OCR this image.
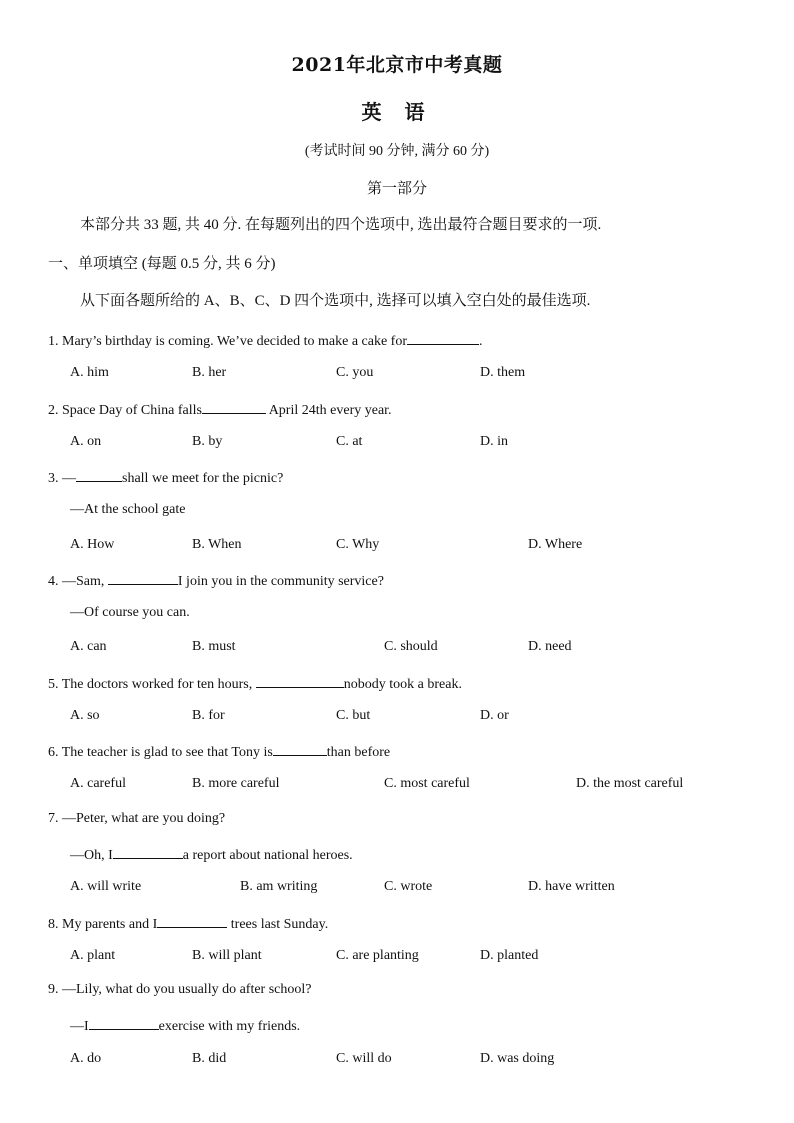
2021年北京市中考真题
英 语
(考试时间 90 分钟, 满分 60 分)
第一部分
本部分共 33 题, 共 40 分. 在每题列出的四个选项中, 选出最符合题目要求的一项.
一、单项填空 (每题 0.5 分, 共 6 分)
从下面各题所给的 A、B、C、D 四个选项中, 选择可以填入空白处的最佳选项.
1. Mary’s birthday is coming. We’ve decided to make a cake for	.
A. him	B. her	C. you	D. them
2. Space Day of China falls	April 24th every year.
A. on	B. by	C. at	D. in
3. —	shall we meet for the picnic?
—At the school gate
A. How	B. When	C. Why	D. Where
4. —Sam,	I join you in the community service?
—Of course you can.
A. can	B. must	C. should	D. need
5. The doctors worked for ten hours,	nobody took a break.
A. so	B. for	C. but	D. or
6. The teacher is glad to see that Tony is	than before
A. careful	B. more careful	C. most careful	D. the most careful
7. —Peter, what are you doing?
—Oh, I	a report about national heroes.
A. will write	B. am writing	C. wrote	D. have written
8. My parents and I	trees last Sunday.
A. plant	B. will plant	C. are planting	D. planted
9. —Lily, what do you usually do after school?
—I	exercise with my friends.
A. do	B. did	C. will do	D. was doing
